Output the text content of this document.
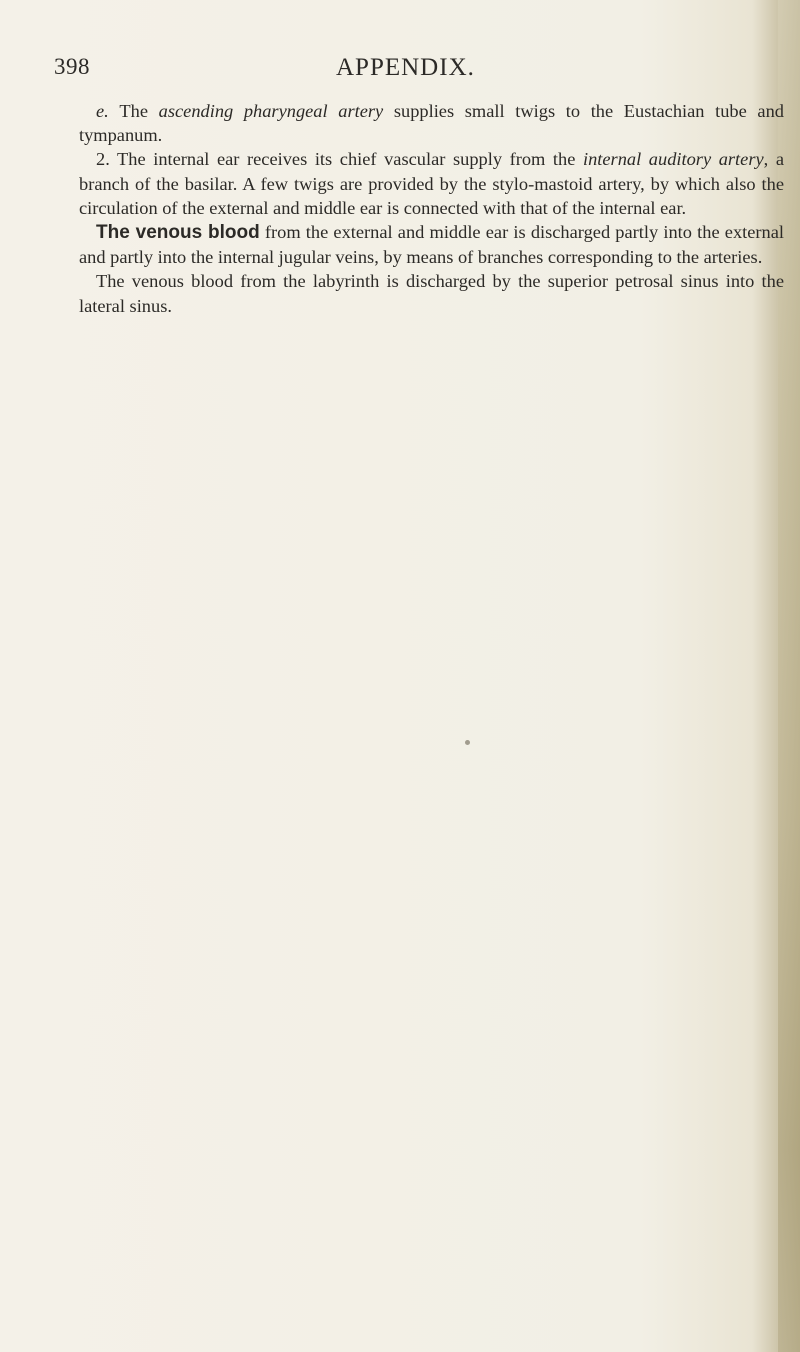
398	APPENDIX.

e. The ascending pharyngeal artery supplies small twigs to the Eustachian tube and tympanum.

2. The internal ear receives its chief vascular supply from the internal auditory artery, a branch of the basilar. A few twigs are provided by the stylo-mastoid artery, by which also the circulation of the external and middle ear is connected with that of the internal ear.

The venous blood from the external and middle ear is discharged partly into the external and partly into the internal jugular veins, by means of branches corresponding to the arteries.

The venous blood from the labyrinth is discharged by the superior petrosal sinus into the lateral sinus.
